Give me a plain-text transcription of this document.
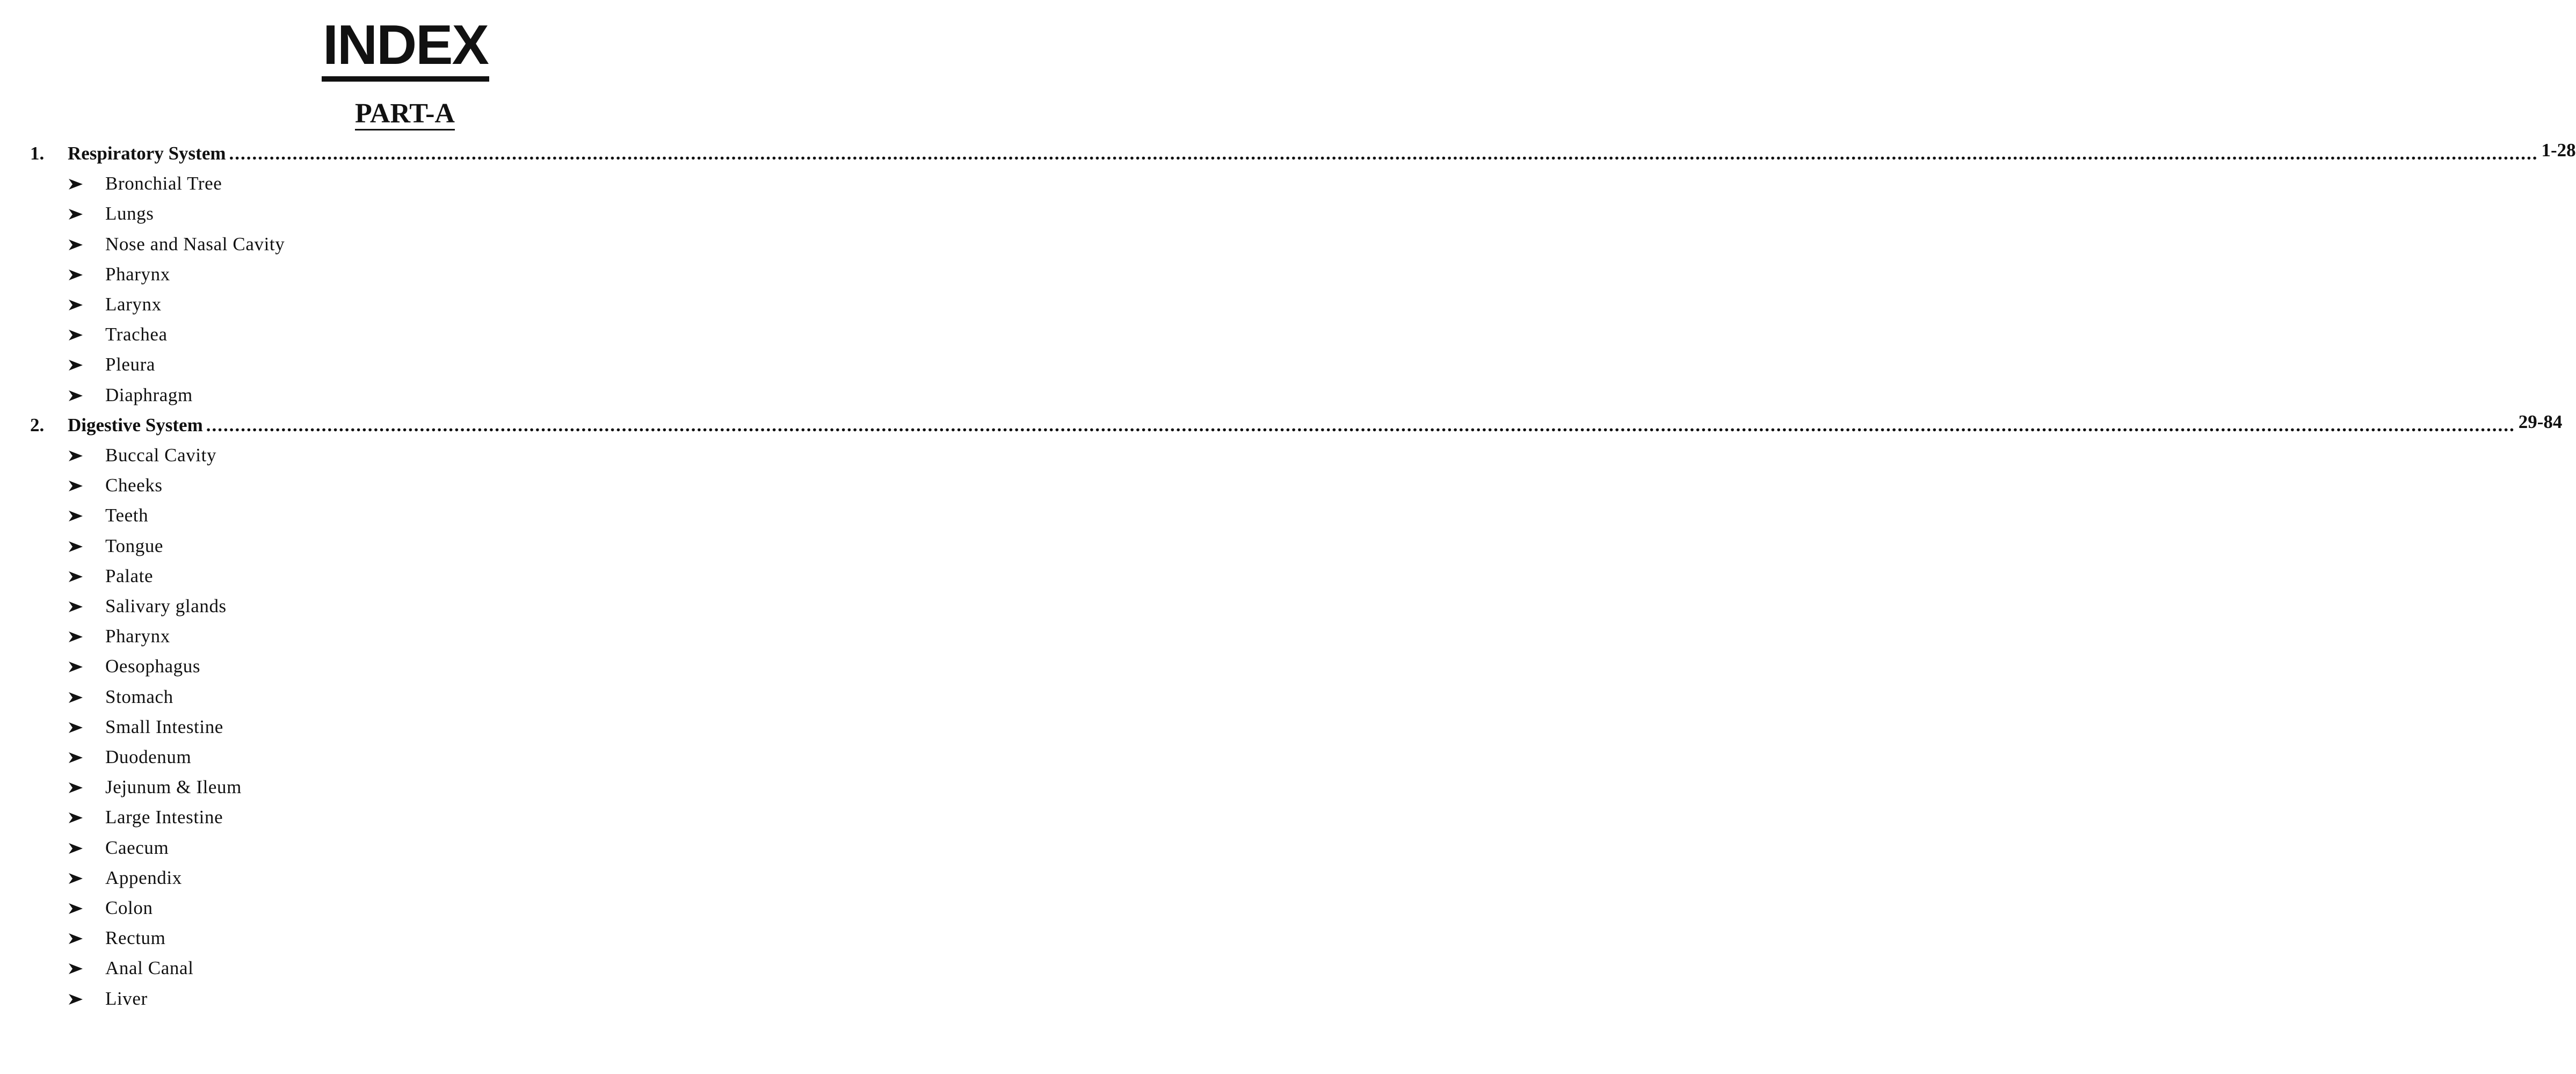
INDEX
PART-A
1. Respiratory System ................................................................................................................................................................................................................................................................................................................................................................................................................ 1-28
Bronchial Tree
Lungs
Nose and Nasal Cavity
Pharynx
Larynx
Trachea
Pleura
Diaphragm
2. Digestive System ................................................................................................................................................................................................................................................................................................................................................................................................................ 29-84
Buccal Cavity
Cheeks
Teeth
Tongue
Palate
Salivary glands
Pharynx
Oesophagus
Stomach
Small Intestine
Duodenum
Jejunum & Ileum
Large Intestine
Caecum
Appendix
Colon
Rectum
Anal Canal
Liver
